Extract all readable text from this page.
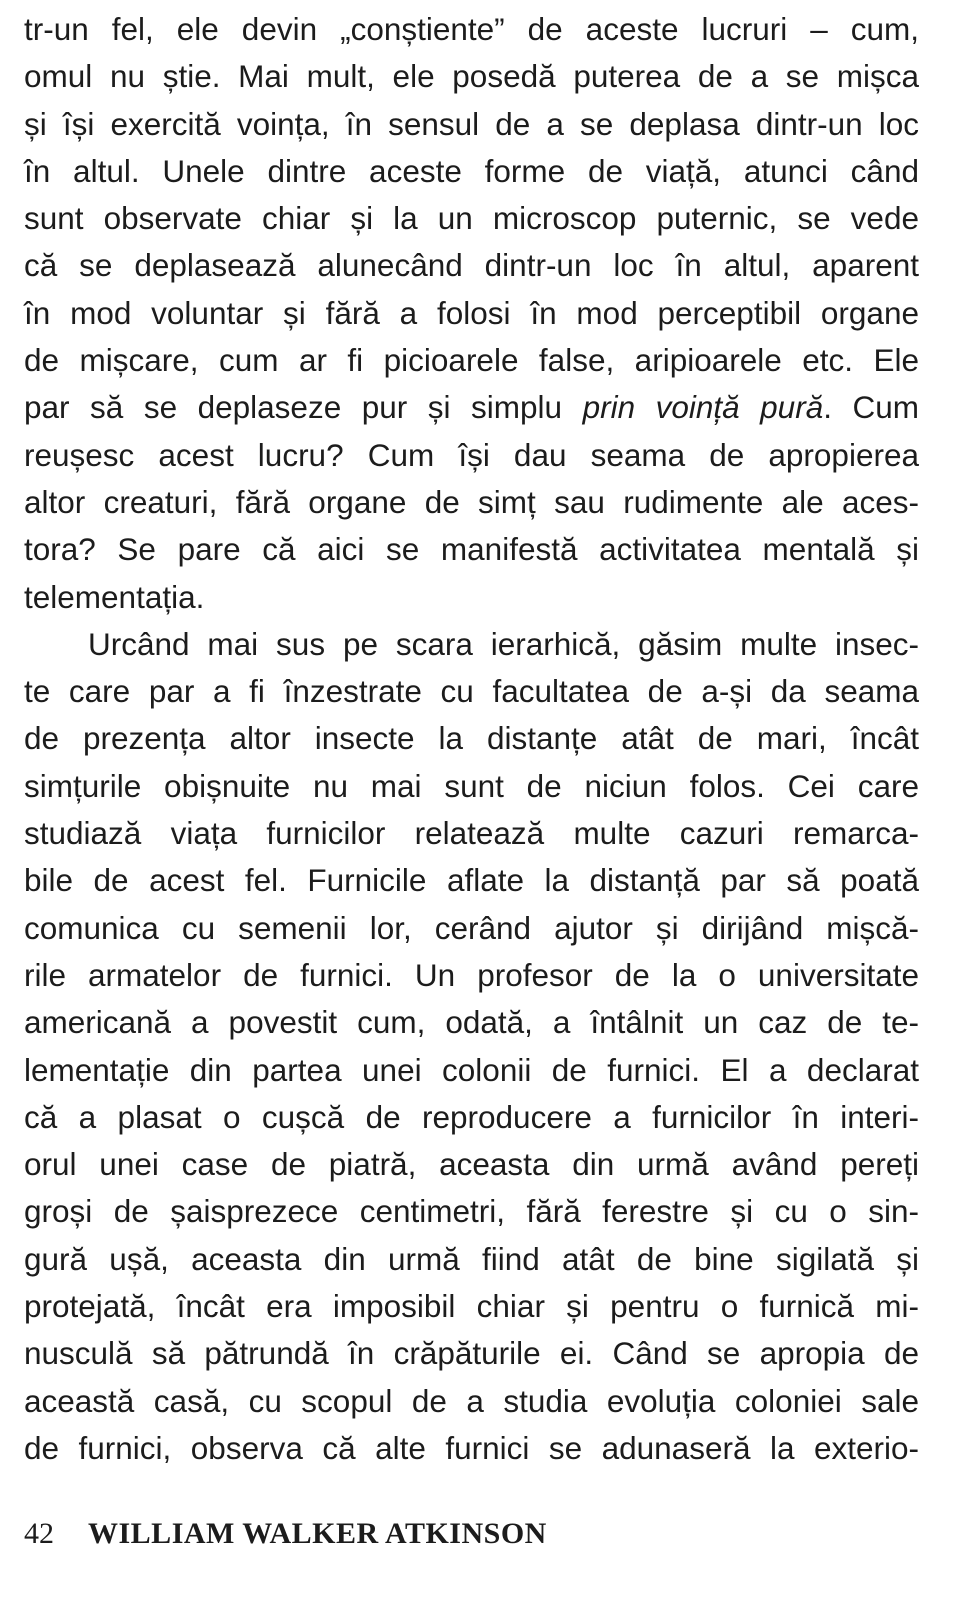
tr-un fel, ele devin „conștiente” de aceste lucruri – cum,
omul nu știe. Mai mult, ele posedă puterea de a se mișca
și își exercită voința, în sensul de a se deplasa dintr-un loc
în altul. Unele dintre aceste forme de viață, atunci când
sunt observate chiar și la un microscop puternic, se vede
că se deplasează alunecând dintr-un loc în altul, aparent
în mod voluntar și fără a folosi în mod perceptibil organe
de mișcare, cum ar fi picioarele false, aripioarele etc. Ele
par să se deplaseze pur și simplu prin voință pură. Cum
reușesc acest lucru? Cum își dau seama de apropierea
altor creaturi, fără organe de simț sau rudimente ale aces-
tora? Se pare că aici se manifestă activitatea mentală și
telementația.
Urcând mai sus pe scara ierarhică, găsim multe insec-
te care par a fi înzestrate cu facultatea de a-și da seama
de prezența altor insecte la distanțe atât de mari, încât
simțurile obișnuite nu mai sunt de niciun folos. Cei care
studiază viața furnicilor relatează multe cazuri remarca-
bile de acest fel. Furnicile aflate la distanță par să poată
comunica cu semenii lor, cerând ajutor și dirijând mișcă-
rile armatelor de furnici. Un profesor de la o universitate
americană a povestit cum, odată, a întâlnit un caz de te-
lementație din partea unei colonii de furnici. El a declarat
că a plasat o cușcă de reproducere a furnicilor în interi-
orul unei case de piatră, aceasta din urmă având pereți
groși de șaisprezece centimetri, fără ferestre și cu o sin-
gură ușă, aceasta din urmă fiind atât de bine sigilată și
protejată, încât era imposibil chiar și pentru o furnică mi-
nusculă să pătrundă în crăpăturile ei. Când se apropia de
această casă, cu scopul de a studia evoluția coloniei sale
de furnici, observa că alte furnici se adunaseră la exterio-
42 WILLIAM WALKER ATKINSON
